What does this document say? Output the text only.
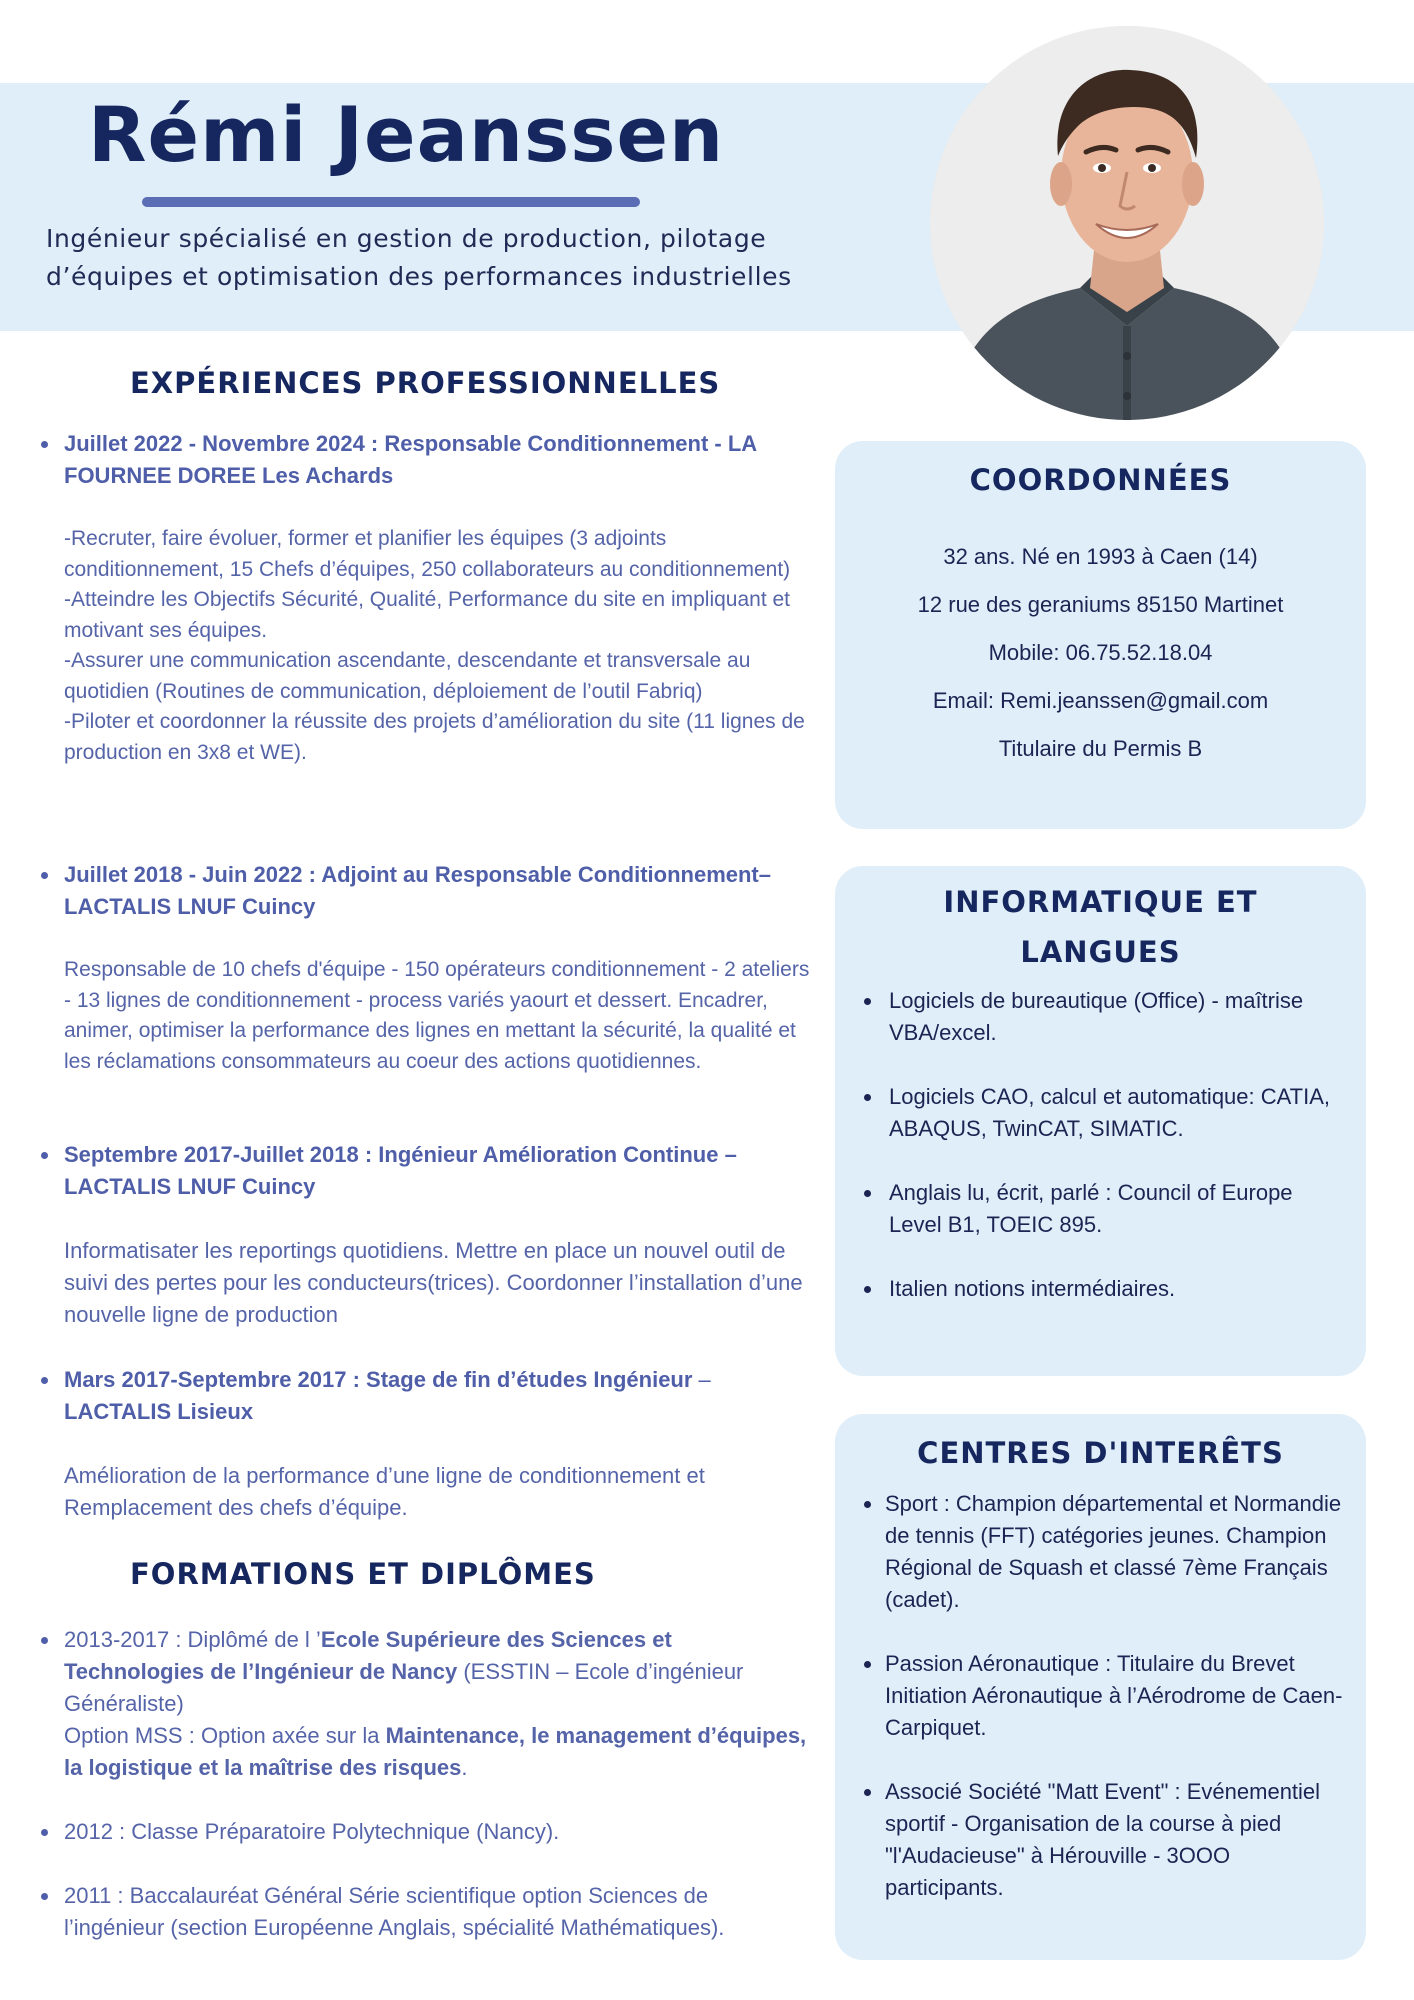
Rémi Jeanssen

Ingénieur spécialisé en gestion de production, pilotage
d’équipes et optimisation des performances industrielles

EXPÉRIENCES PROFESSIONNELLES
Juillet 2022 - Novembre 2024 : Responsable Conditionnement - LA FOURNEE DOREE Les Achards
-Recruter, faire évoluer, former et planifier les équipes (3 adjoints conditionnement, 15 Chefs d’équipes, 250 collaborateurs au conditionnement)
-Atteindre les Objectifs Sécurité, Qualité, Performance du site en impliquant et motivant ses équipes.
-Assurer une communication ascendante, descendante et transversale au quotidien (Routines de communication, déploiement de l’outil Fabriq)
-Piloter et coordonner la réussite des projets d’amélioration du site (11 lignes de production en 3x8 et WE).
Juillet 2018 - Juin 2022 : Adjoint au Responsable Conditionnement– LACTALIS LNUF Cuincy
Responsable de 10 chefs d'équipe - 150 opérateurs conditionnement - 2 ateliers - 13 lignes de conditionnement - process variés yaourt et dessert. Encadrer, animer, optimiser la performance des lignes en mettant la sécurité, la qualité et les réclamations consommateurs au coeur des actions quotidiennes.
Septembre 2017-Juillet 2018 : Ingénieur Amélioration Continue – LACTALIS LNUF Cuincy
Informatisater les reportings quotidiens. Mettre en place un nouvel outil de suivi des pertes pour les conducteurs(trices). Coordonner l’installation d’une nouvelle ligne de production
Mars 2017-Septembre 2017 : Stage de fin d’études Ingénieur – LACTALIS Lisieux
Amélioration de la performance d’une ligne de conditionnement et Remplacement des chefs d’équipe.
FORMATIONS ET DIPLÔMES
2013-2017 : Diplômé de l ’Ecole Supérieure des Sciences et Technologies de l’Ingénieur de Nancy (ESSTIN – Ecole d’ingénieur Généraliste)
Option MSS : Option axée sur la Maintenance, le management d’équipes, la logistique et la maîtrise des risques.
2012 : Classe Préparatoire Polytechnique (Nancy).
2011 : Baccalauréat Général Série scientifique option Sciences de l’ingénieur (section Européenne Anglais, spécialité Mathématiques).
COORDONNÉES
32 ans. Né en 1993 à Caen (14)
12 rue des geraniums 85150 Martinet
Mobile: 06.75.52.18.04
Email: Remi.jeanssen@gmail.com
Titulaire du Permis B
INFORMATIQUE ET
LANGUES
Logiciels de bureautique (Office) - maîtrise VBA/excel.
Logiciels CAO, calcul et automatique: CATIA, ABAQUS, TwinCAT, SIMATIC.
Anglais lu, écrit, parlé : Council of Europe Level B1, TOEIC 895.
Italien notions intermédiaires.
CENTRES D'INTERÊTS
Sport : Champion départemental et Normandie de tennis (FFT) catégories jeunes. Champion Régional de Squash et classé 7ème Français (cadet).
Passion Aéronautique : Titulaire du Brevet Initiation Aéronautique à l’Aérodrome de Caen-Carpiquet.
Associé Société "Matt Event" : Evénementiel sportif - Organisation de la course à pied "l'Audacieuse" à Hérouville - 3OOO participants.
